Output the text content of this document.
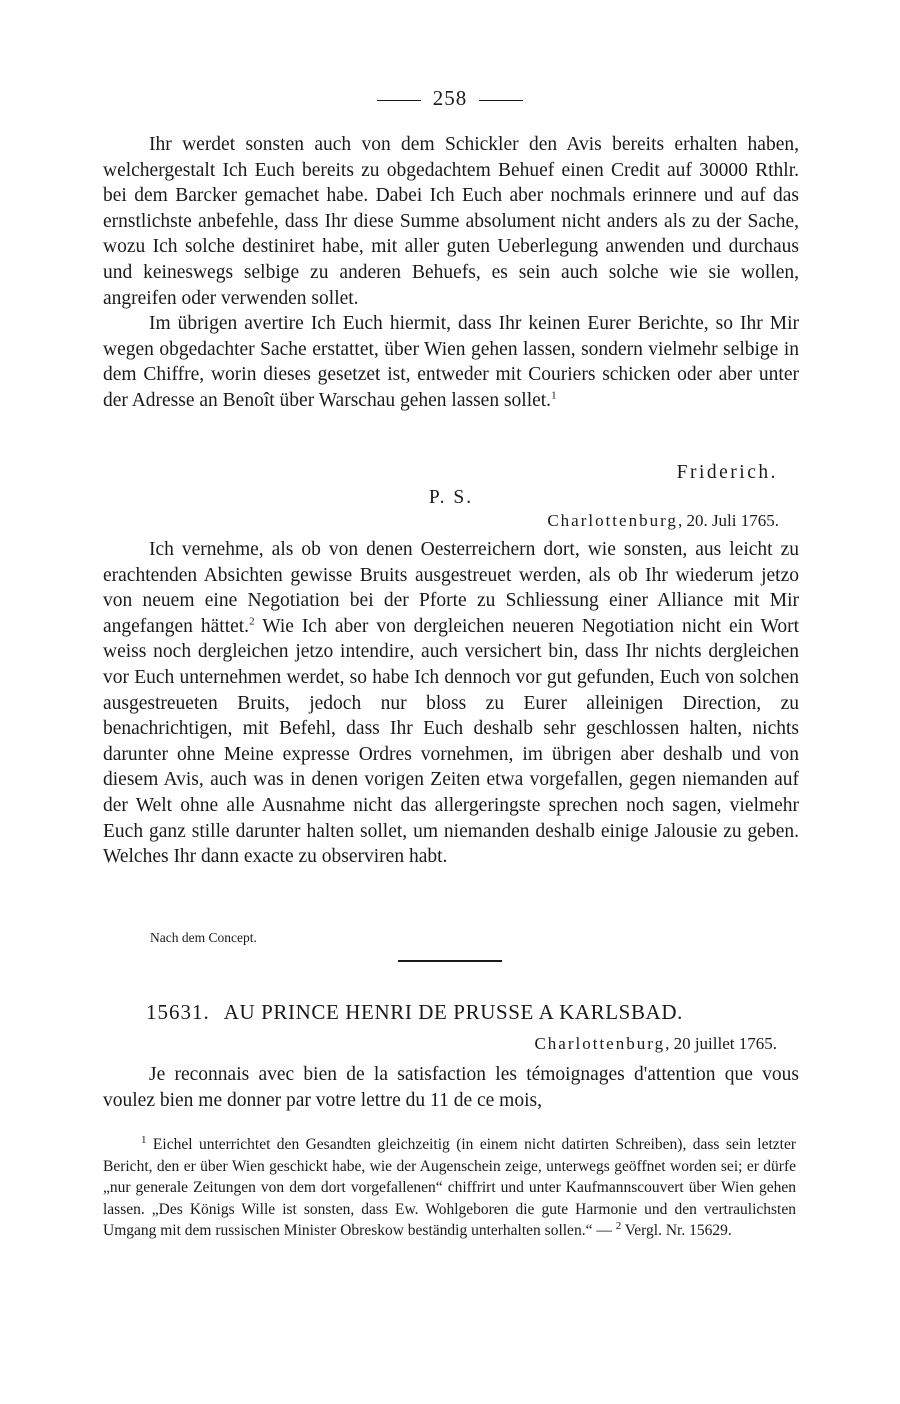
258

Ihr werdet sonsten auch von dem Schickler den Avis bereits erhalten haben, welchergestalt Ich Euch bereits zu obgedachtem Behuef einen Credit auf 30000 Rthlr. bei dem Barcker gemachet habe. Dabei Ich Euch aber nochmals erinnere und auf das ernstlichste anbefehle, dass Ihr diese Summe absolument nicht anders als zu der Sache, wozu Ich solche destiniret habe, mit aller guten Ueberlegung anwenden und durchaus und keineswegs selbige zu anderen Behuefs, es sein auch solche wie sie wollen, angreifen oder verwenden sollet.

Im übrigen avertire Ich Euch hiermit, dass Ihr keinen Eurer Berichte, so Ihr Mir wegen obgedachter Sache erstattet, über Wien gehen lassen, sondern vielmehr selbige in dem Chiffre, worin dieses gesetzet ist, entweder mit Couriers schicken oder aber unter der Adresse an Benoît über Warschau gehen lassen sollet.$^1$

Friderich.
P. S.
Charlottenburg, 20. Juli 1765.

Ich vernehme, als ob von denen Oesterreichern dort, wie sonsten, aus leicht zu erachtenden Absichten gewisse Bruits ausgestreuet werden, als ob Ihr wiederum jetzo von neuem eine Negotiation bei der Pforte zu Schliessung einer Alliance mit Mir angefangen hättet.$^2$ Wie Ich aber von dergleichen neueren Negotiation nicht ein Wort weiss noch dergleichen jetzo intendire, auch versichert bin, dass Ihr nichts dergleichen vor Euch unternehmen werdet, so habe Ich dennoch vor gut gefunden, Euch von solchen ausgestreueten Bruits, jedoch nur bloss zu Eurer alleinigen Direction, zu benachrichtigen, mit Befehl, dass Ihr Euch deshalb sehr geschlossen halten, nichts darunter ohne Meine expresse Ordres vornehmen, im übrigen aber deshalb und von diesem Avis, auch was in denen vorigen Zeiten etwa vorgefallen, gegen niemanden auf der Welt ohne alle Ausnahme nicht das allergeringste sprechen noch sagen, vielmehr Euch ganz stille darunter halten sollet, um niemanden deshalb einige Jalousie zu geben. Welches Ihr dann exacte zu observiren habt.

Nach dem Concept.
15631. AU PRINCE HENRI DE PRUSSE A KARLSBAD.
Charlottenburg, 20 juillet 1765.

Je reconnais avec bien de la satisfaction les témoignages d'attention que vous voulez bien me donner par votre lettre du 11 de ce mois,

$^1$ Eichel unterrichtet den Gesandten gleichzeitig (in einem nicht datirten Schreiben), dass sein letzter Bericht, den er über Wien geschickt habe, wie der Augenschein zeige, unterwegs geöffnet worden sei; er dürfe „nur generale Zeitungen von dem dort vorgefallenen“ chiffrirt und unter Kaufmannscouvert über Wien gehen lassen. „Des Königs Wille ist sonsten, dass Ew. Wohlgeboren die gute Harmonie und den vertraulichsten Umgang mit dem russischen Minister Obreskow beständig unterhalten sollen.“ — $^2$ Vergl. Nr. 15629.
